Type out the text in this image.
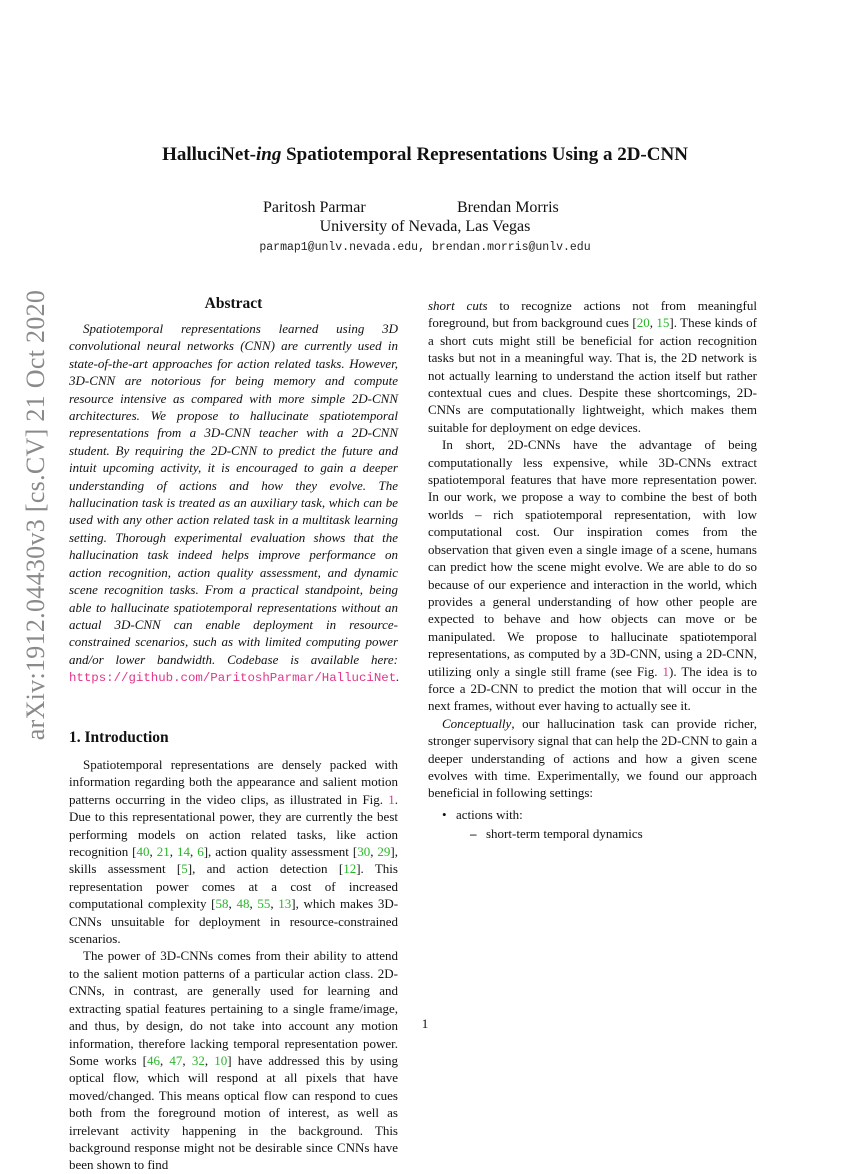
arXiv:1912.04430v3 [cs.CV] 21 Oct 2020
HalluciNet-ing Spatiotemporal Representations Using a 2D-CNN
Paritosh Parmar	Brendan Morris
University of Nevada, Las Vegas
parmap1@unlv.nevada.edu, brendan.morris@unlv.edu
Abstract
Spatiotemporal representations learned using 3D convolutional neural networks (CNN) are currently used in state-of-the-art approaches for action related tasks. However, 3D-CNN are notorious for being memory and compute resource intensive as compared with more simple 2D-CNN architectures. We propose to hallucinate spatiotemporal representations from a 3D-CNN teacher with a 2D-CNN student. By requiring the 2D-CNN to predict the future and intuit upcoming activity, it is encouraged to gain a deeper understanding of actions and how they evolve. The hallucination task is treated as an auxiliary task, which can be used with any other action related task in a multitask learning setting. Thorough experimental evaluation shows that the hallucination task indeed helps improve performance on action recognition, action quality assessment, and dynamic scene recognition tasks. From a practical standpoint, being able to hallucinate spatiotemporal representations without an actual 3D-CNN can enable deployment in resource-constrained scenarios, such as with limited computing power and/or lower bandwidth. Codebase is available here: https://github.com/ParitoshParmar/HalluciNet.
1. Introduction

Spatiotemporal representations are densely packed with information regarding both the appearance and salient motion patterns occurring in the video clips, as illustrated in Fig. 1. Due to this representational power, they are currently the best performing models on action related tasks, like action recognition [40, 21, 14, 6], action quality assessment [30, 29], skills assessment [5], and action detection [12]. This representation power comes at a cost of increased computational complexity [58, 48, 55, 13], which makes 3D-CNNs unsuitable for deployment in resource-constrained scenarios.

The power of 3D-CNNs comes from their ability to attend to the salient motion patterns of a particular action class. 2D-CNNs, in contrast, are generally used for learning and extracting spatial features pertaining to a single frame/image, and thus, by design, do not take into account any motion information, therefore lacking temporal representation power. Some works [46, 47, 32, 10] have addressed this by using optical flow, which will respond at all pixels that have moved/changed. This means optical flow can respond to cues both from the foreground motion of interest, as well as irrelevant activity happening in the background. This background response might not be desirable since CNNs have been shown to find

short cuts to recognize actions not from meaningful foreground, but from background cues [20, 15]. These kinds of a short cuts might still be beneficial for action recognition tasks but not in a meaningful way. That is, the 2D network is not actually learning to understand the action itself but rather contextual cues and clues. Despite these shortcomings, 2D-CNNs are computationally lightweight, which makes them suitable for deployment on edge devices.

In short, 2D-CNNs have the advantage of being computationally less expensive, while 3D-CNNs extract spatiotemporal features that have more representation power. In our work, we propose a way to combine the best of both worlds – rich spatiotemporal representation, with low computational cost. Our inspiration comes from the observation that given even a single image of a scene, humans can predict how the scene might evolve. We are able to do so because of our experience and interaction in the world, which provides a general understanding of how other people are expected to behave and how objects can move or be manipulated. We propose to hallucinate spatiotemporal representations, as computed by a 3D-CNN, using a 2D-CNN, utilizing only a single still frame (see Fig. 1). The idea is to force a 2D-CNN to predict the motion that will occur in the next frames, without ever having to actually see it.

Conceptually, our hallucination task can provide richer, stronger supervisory signal that can help the 2D-CNN to gain a deeper understanding of actions and how a given scene evolves with time. Experimentally, we found our approach beneficial in following settings:

• actions with:
– short-term temporal dynamics
1
